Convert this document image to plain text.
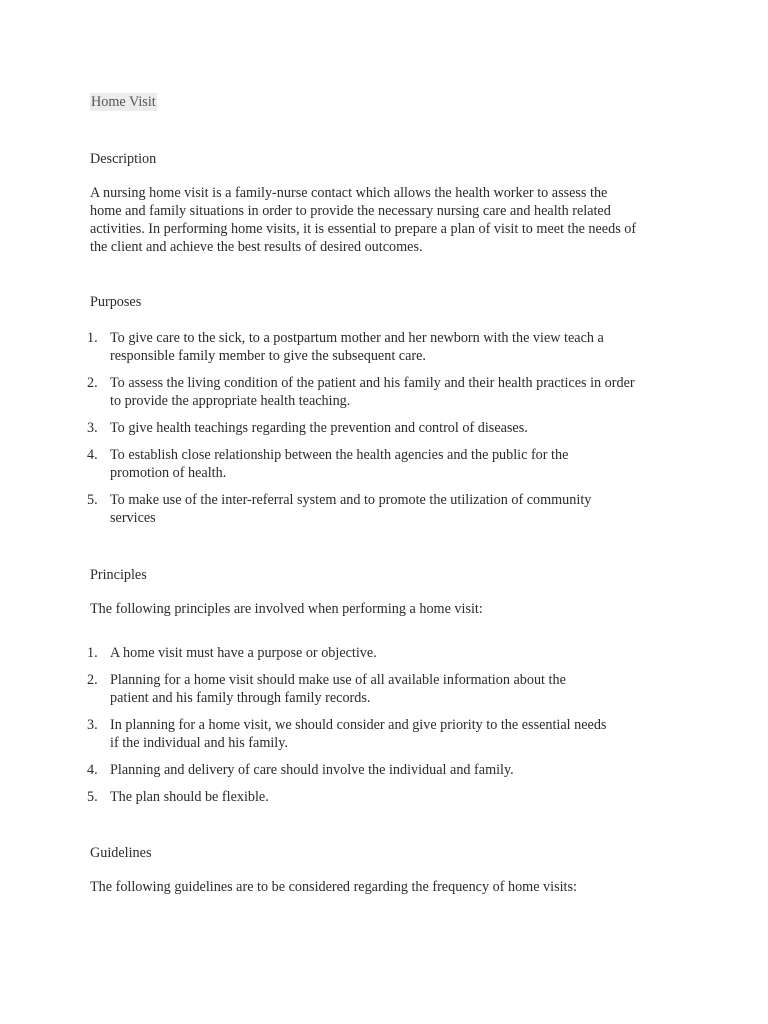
Home Visit
Description

A nursing home visit is a family-nurse contact which allows the health worker to assess the
home and family situations in order to provide the necessary nursing care and health related
activities. In performing home visits, it is essential to prepare a plan of visit to meet the needs of
the client and achieve the best results of desired outcomes.

Purposes
1. To give care to the sick, to a postpartum mother and her newborn with the view teach a
responsible family member to give the subsequent care.
2. To assess the living condition of the patient and his family and their health practices in order
to provide the appropriate health teaching.
3. To give health teachings regarding the prevention and control of diseases.
4. To establish close relationship between the health agencies and the public for the
promotion of health.
5. To make use of the inter-referral system and to promote the utilization of community
services
Principles
The following principles are involved when performing a home visit:
1. A home visit must have a purpose or objective.
2. Planning for a home visit should make use of all available information about the
patient and his family through family records.
3. In planning for a home visit, we should consider and give priority to the essential needs
if the individual and his family.
4. Planning and delivery of care should involve the individual and family.
5. The plan should be flexible.
Guidelines
The following guidelines are to be considered regarding the frequency of home visits:
